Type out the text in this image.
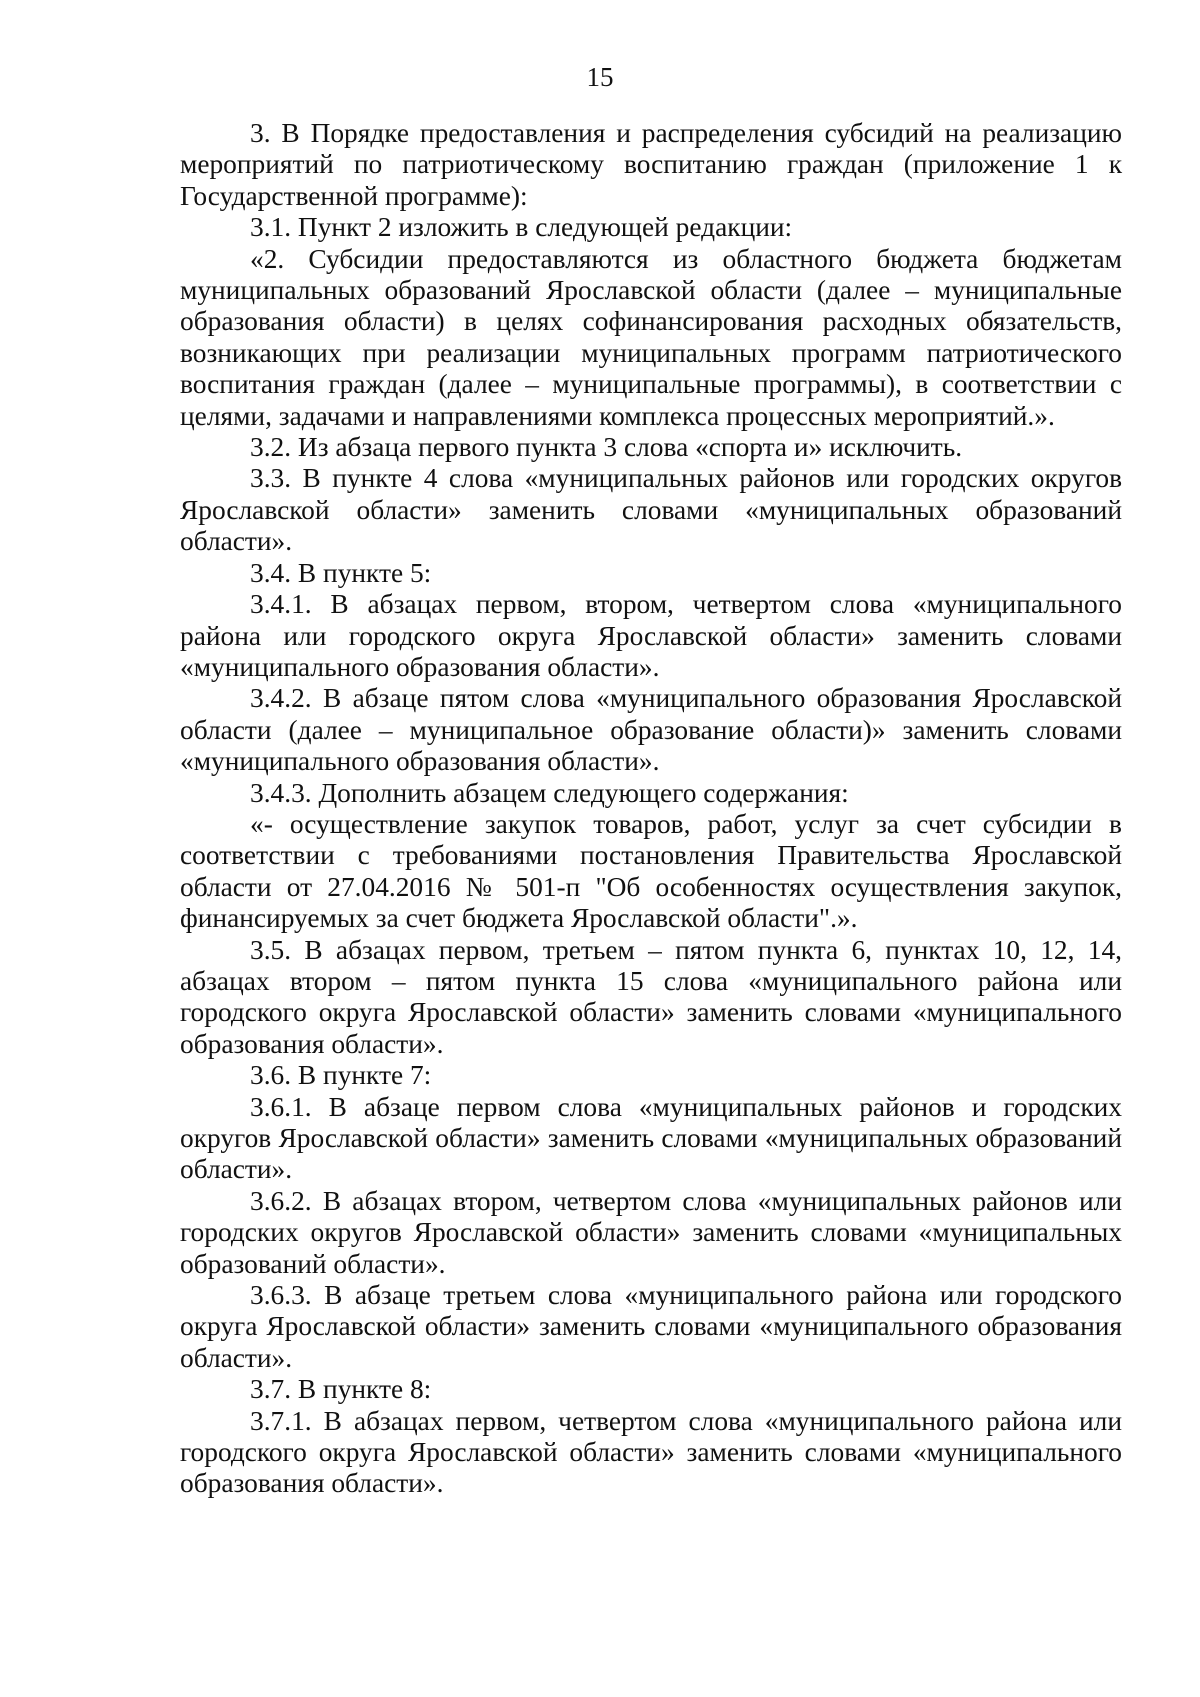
15

3. В Порядке предоставления и распределения субсидий на реализацию мероприятий по патриотическому воспитанию граждан (приложение 1 к Государственной программе):

3.1. Пункт 2 изложить в следующей редакции:

«2. Субсидии предоставляются из областного бюджета бюджетам муниципальных образований Ярославской области (далее – муниципальные образования области) в целях софинансирования расходных обязательств, возникающих при реализации муниципальных программ патриотического воспитания граждан (далее – муниципальные программы), в соответствии с целями, задачами и направлениями комплекса процессных мероприятий.».

3.2. Из абзаца первого пункта 3 слова «спорта и» исключить.

3.3. В пункте 4 слова «муниципальных районов или городских округов Ярославской области» заменить словами «муниципальных образований области».

3.4. В пункте 5:

3.4.1. В абзацах первом, втором, четвертом слова «муниципального района или городского округа Ярославской области» заменить словами «муниципального образования области».

3.4.2. В абзаце пятом слова «муниципального образования Ярославской области (далее – муниципальное образование области)» заменить словами «муниципального образования области».

3.4.3. Дополнить абзацем следующего содержания:

«- осуществление закупок товаров, работ, услуг за счет субсидии в соответствии с требованиями постановления Правительства Ярославской области от 27.04.2016 № 501-п "Об особенностях осуществления закупок, финансируемых за счет бюджета Ярославской области".».

3.5. В абзацах первом, третьем – пятом пункта 6, пунктах 10, 12, 14, абзацах втором – пятом пункта 15 слова «муниципального района или городского округа Ярославской области» заменить словами «муниципального образования области».

3.6. В пункте 7:

3.6.1. В абзаце первом слова «муниципальных районов и городских округов Ярославской области» заменить словами «муниципальных образований области».

3.6.2. В абзацах втором, четвертом слова «муниципальных районов или городских округов Ярославской области» заменить словами «муниципальных образований области».

3.6.3. В абзаце третьем слова «муниципального района или городского округа Ярославской области» заменить словами «муниципального образования области».

3.7. В пункте 8:

3.7.1. В абзацах первом, четвертом слова «муниципального района или городского округа Ярославской области» заменить словами «муниципального образования области».
